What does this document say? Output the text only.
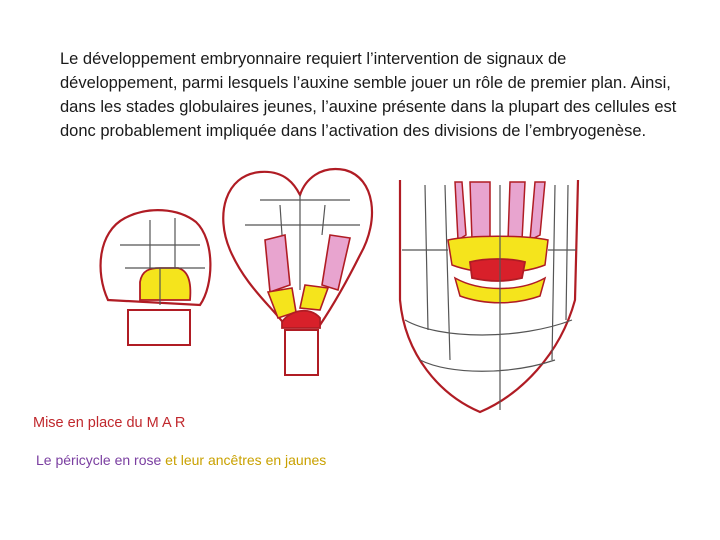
Le développement embryonnaire requiert l’intervention de signaux de développement, parmi lesquels l’auxine semble jouer un rôle de premier plan. Ainsi, dans les stades globulaires jeunes, l’auxine présente dans la plupart des cellules est donc probablement impliquée dans l’activation des divisions de l’embryogenèse.

Mise en place du M A R
Le péricycle en rose et leur ancêtres en jaunes
